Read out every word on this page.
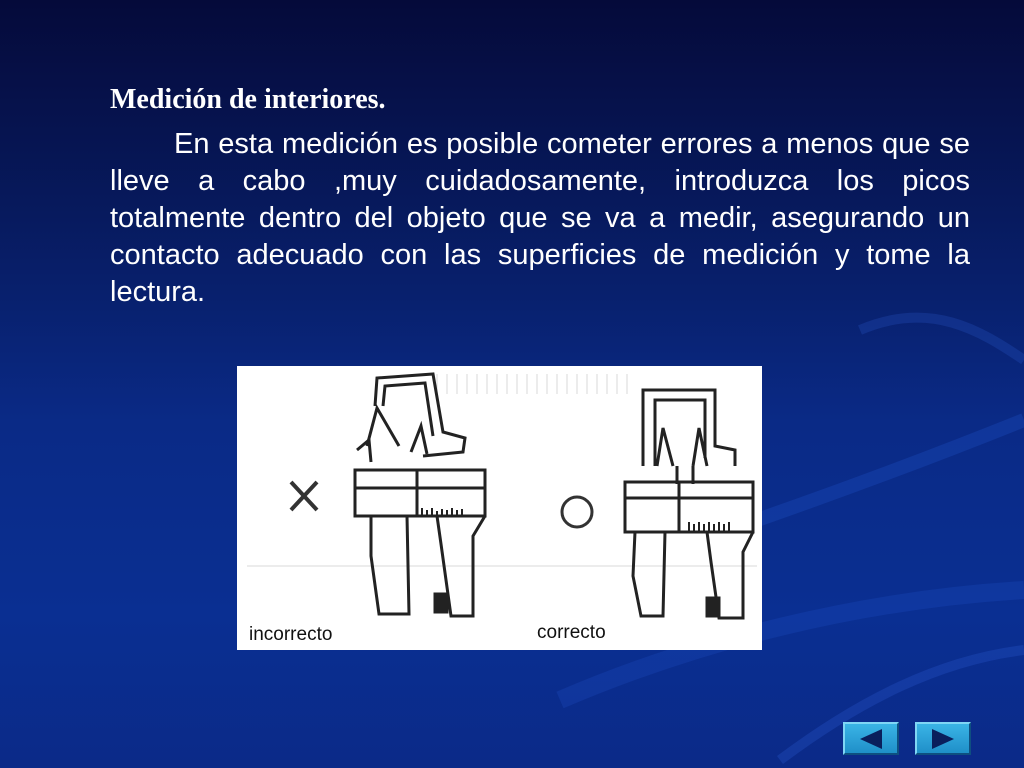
Medición de interiores.

En esta medición es posible cometer errores a menos que se lleve a cabo ,muy cuidadosamente, introduzca los picos totalmente dentro del objeto que se va a medir, asegurando un contacto adecuado con las superficies de medición y tome la lectura.

incorrecto	correcto
